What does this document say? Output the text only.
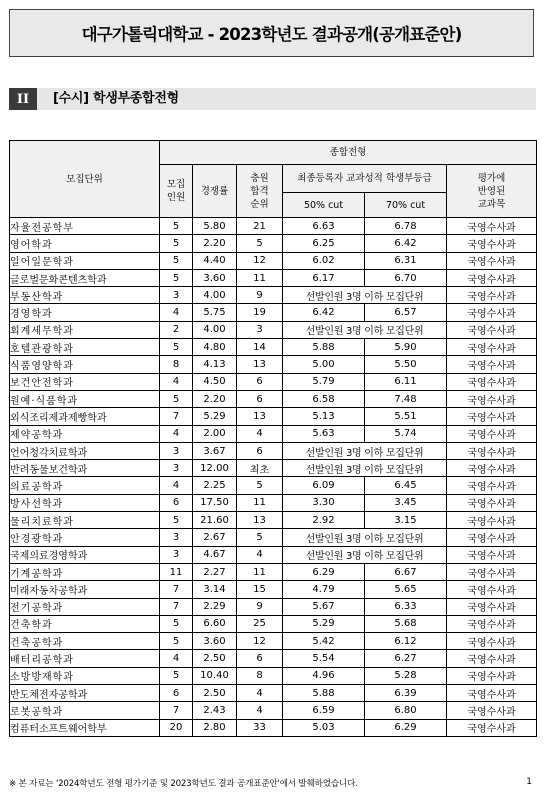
대구가톨릭대학교 - 2023학년도 결과공개(공개표준안)
II	[수시] 학생부종합전형
모집단위	종합전형					
	모집
인원	경쟁률	충원
합격
순위	최종등록자 교과성적 학생부등급		평가에
반영된
교과목
				50% cut	70% cut	
자율전공학부	5	5.80	21	6.63	6.78	국영수사과
영어학과	5	2.20	5	6.25	6.42	국영수사과
일어일문학과	5	4.40	12	6.02	6.31	국영수사과
글로벌문화콘텐츠학과	5	3.60	11	6.17	6.70	국영수사과
부동산학과	3	4.00	9	선발인원 3명 이하 모집단위		국영수사과
경영학과	4	5.75	19	6.42	6.57	국영수사과
회계세무학과	2	4.00	3	선발인원 3명 이하 모집단위		국영수사과
호텔관광학과	5	4.80	14	5.88	5.90	국영수사과
식품영양학과	8	4.13	13	5.00	5.50	국영수사과
보건안전학과	4	4.50	6	5.79	6.11	국영수사과
원예·식품학과	5	2.20	6	6.58	7.48	국영수사과
외식조리제과제빵학과	7	5.29	13	5.13	5.51	국영수사과
제약공학과	4	2.00	4	5.63	5.74	국영수사과
언어청각치료학과	3	3.67	6	선발인원 3명 이하 모집단위		국영수사과
반려동물보건학과	3	12.00	최초	선발인원 3명 이하 모집단위		국영수사과
의료공학과	4	2.25	5	6.09	6.45	국영수사과
방사선학과	6	17.50	11	3.30	3.45	국영수사과
물리치료학과	5	21.60	13	2.92	3.15	국영수사과
안경광학과	3	2.67	5	선발인원 3명 이하 모집단위		국영수사과
국제의료경영학과	3	4.67	4	선발인원 3명 이하 모집단위		국영수사과
기계공학과	11	2.27	11	6.29	6.67	국영수사과
미래자동차공학과	7	3.14	15	4.79	5.65	국영수사과
전기공학과	7	2.29	9	5.67	6.33	국영수사과
건축학과	5	6.60	25	5.29	5.68	국영수사과
건축공학과	5	3.60	12	5.42	6.12	국영수사과
배터리공학과	4	2.50	6	5.54	6.27	국영수사과
소방방재학과	5	10.40	8	4.96	5.28	국영수사과
반도체전자공학과	6	2.50	4	5.88	6.39	국영수사과
로봇공학과	7	2.43	4	6.59	6.80	국영수사과
컴퓨터소프트웨어학부	20	2.80	33	5.03	6.29	국영수사과
※ 본 자료는 '2024학년도 전형 평가기준 및 2023학년도 결과 공개표준안'에서 발췌하였습니다.	1
